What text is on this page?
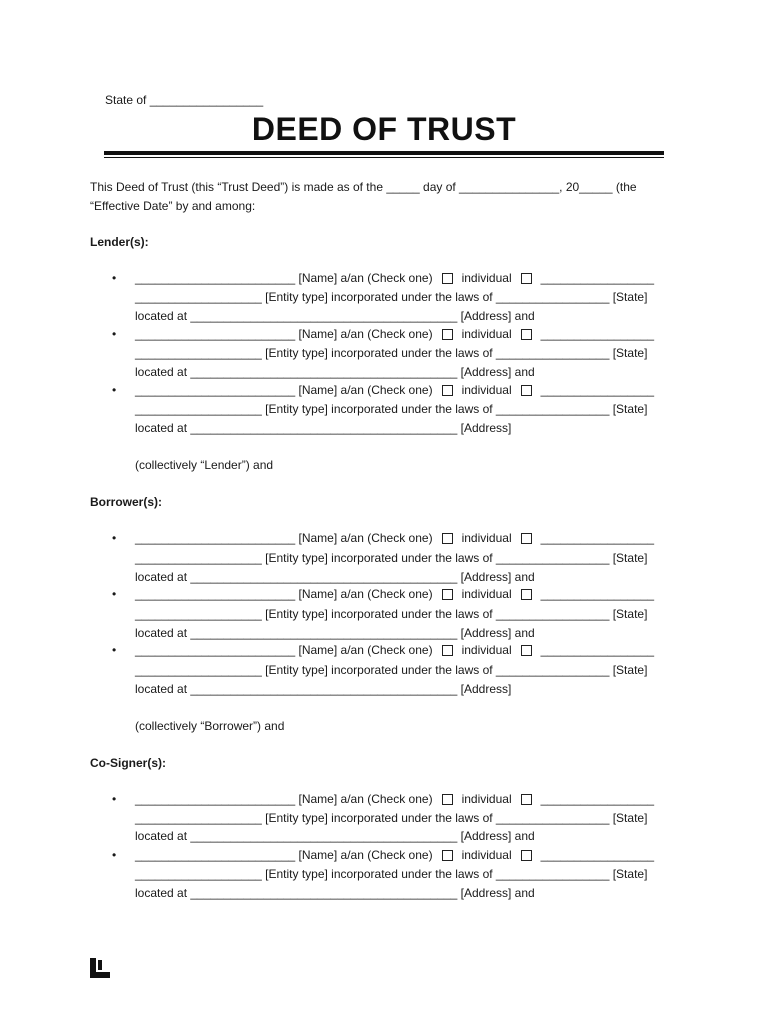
State of _________________
DEED OF TRUST
This Deed of Trust (this “Trust Deed”) is made as of the _____ day of _______________, 20_____ (the
“Effective Date” by and among:
Lender(s):
• ________________________ [Name] a/an (Check one) individual _________________
___________________ [Entity type] incorporated under the laws of _________________ [State]
located at ________________________________________ [Address] and
• ________________________ [Name] a/an (Check one) individual _________________
___________________ [Entity type] incorporated under the laws of _________________ [State]
located at ________________________________________ [Address] and
• ________________________ [Name] a/an (Check one) individual _________________
___________________ [Entity type] incorporated under the laws of _________________ [State]
located at ________________________________________ [Address]
(collectively “Lender”) and
Borrower(s):
• ________________________ [Name] a/an (Check one) individual _________________
___________________ [Entity type] incorporated under the laws of _________________ [State]
located at ________________________________________ [Address] and
• ________________________ [Name] a/an (Check one) individual _________________
___________________ [Entity type] incorporated under the laws of _________________ [State]
located at ________________________________________ [Address] and
• ________________________ [Name] a/an (Check one) individual _________________
___________________ [Entity type] incorporated under the laws of _________________ [State]
located at ________________________________________ [Address]
(collectively “Borrower”) and
Co-Signer(s):
• ________________________ [Name] a/an (Check one) individual _________________
___________________ [Entity type] incorporated under the laws of _________________ [State]
located at ________________________________________ [Address] and
• ________________________ [Name] a/an (Check one) individual _________________
___________________ [Entity type] incorporated under the laws of _________________ [State]
located at ________________________________________ [Address] and
